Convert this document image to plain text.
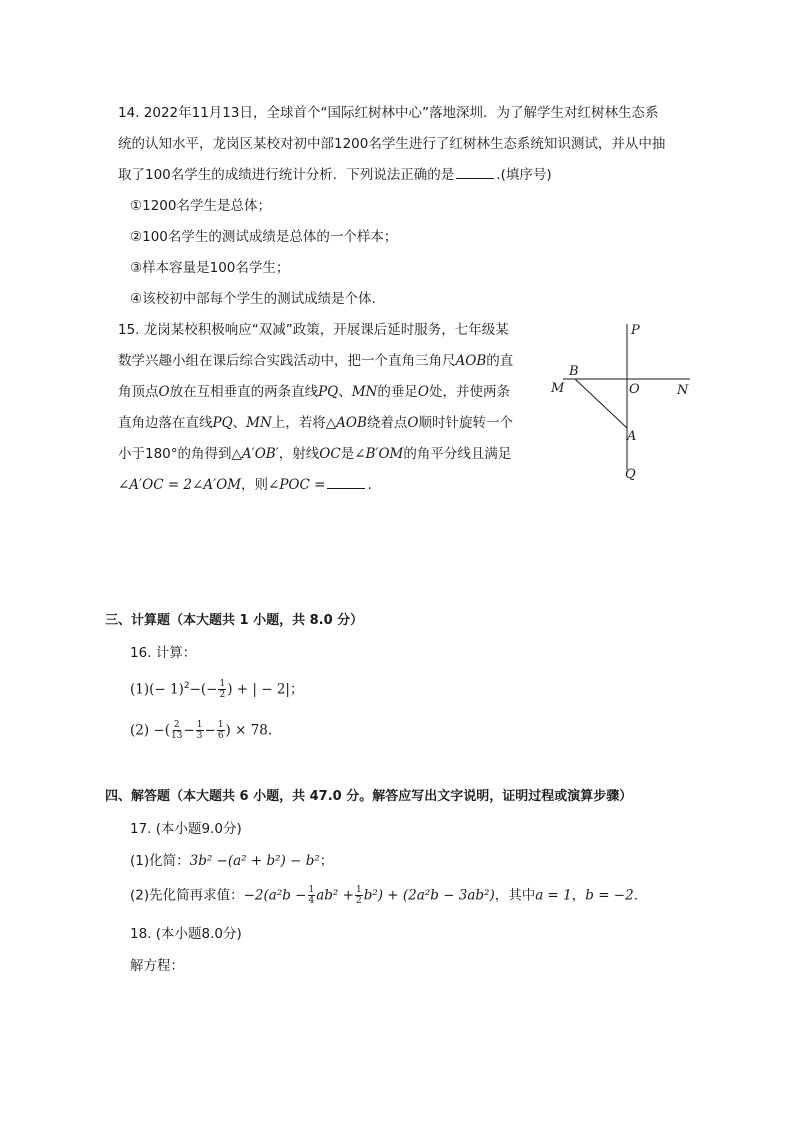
14. 2022年11月13日，全球首个“国际红树林中心”落地深圳．为了解学生对红树林生态系
统的认知水平，龙岗区某校对初中部1200名学生进行了红树林生态系统知识测试，并从中抽
取了100名学生的成绩进行统计分析．下列说法正确的是	.(填序号)
①1200名学生是总体；
②100名学生的测试成绩是总体的一个样本；
③样本容量是100名学生；
④该校初中部每个学生的测试成绩是个体．
15. 龙岗某校积极响应“双减”政策，开展课后延时服务，七年级某
数学兴趣小组在课后综合实践活动中，把一个直角三角尺AOB的直
角顶点O放在互相垂直的两条直线PQ、MN的垂足O处，并使两条
直角边落在直线PQ、MN上，若将△AOB绕着点O顺时针旋转一个
小于180°的角得到△A′OB′，射线OC是∠B′OM的角平分线且满足
∠A′OC = 2∠A′OM，则∠POC =	.
P
B
M	O	N
A
Q
三、计算题（本大题共 1 小题，共 8.0 分）
16. 计算：
$(1)(- 1)^2-(- \frac{1}{2}$ ) + | − 2|；
(2) −( $\frac{2}{13} - \frac{1}{3} - \frac{1}{6}$ ) × 78.
四、解答题（本大题共 6 小题，共 47.0 分。解答应写出文字说明，证明过程或演算步骤）
17. (本小题9.0分)
(1)化简：3b² −(a² + b²) − b²；
(2)先化简再求值：$-2(a^2b - \frac{1}{4} ab^2 + \frac{1}{2} b^2) + (2a^2b - 3ab^2)$，其中a = 1，b = −2.
18. (本小题8.0分)
解方程：
